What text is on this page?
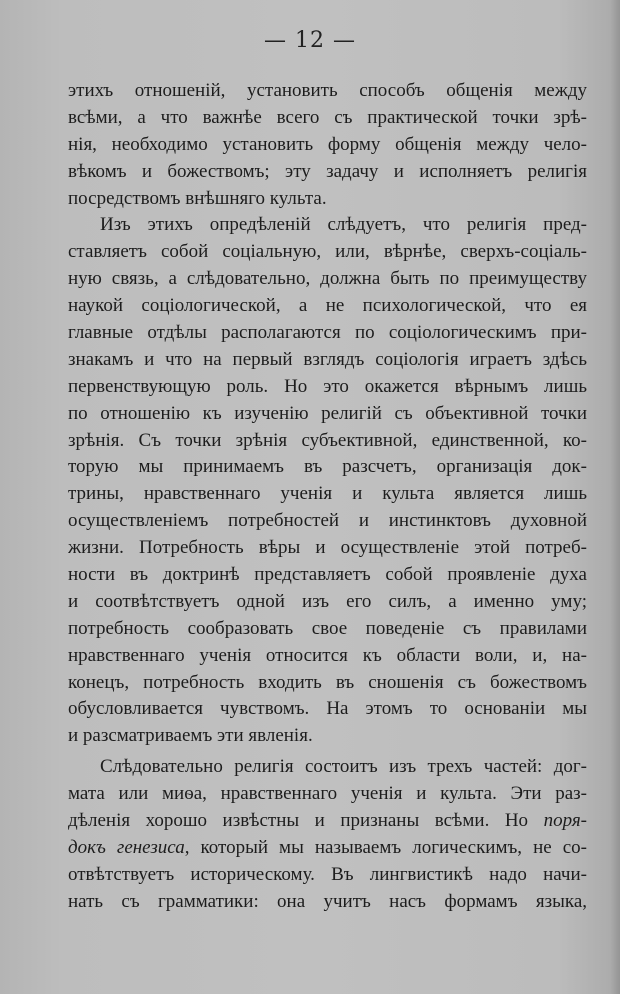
— 12 —
этихъ отношеній, установить способъ общенія между
всѣми, а что важнѣе всего съ практической точки зрѣ-
нія, необходимо установить форму общенія между чело-
вѣкомъ и божествомъ; эту задачу и исполняетъ религія
посредствомъ внѣшняго культа.
Изъ этихъ опредѣленій слѣдуетъ, что религія пред-
ставляетъ собой соціальную, или, вѣрнѣе, сверхъ-соціаль-
ную связь, а слѣдовательно, должна быть по преимуществу
наукой соціологической, а не психологической, что ея
главные отдѣлы располагаются по соціологическимъ при-
знакамъ и что на первый взглядъ соціологія играетъ здѣсь
первенствующую роль. Но это окажется вѣрнымъ лишь
по отношенію къ изученію религій съ объективной точки
зрѣнія. Съ точки зрѣнія субъективной, единственной, ко-
торую мы принимаемъ въ разсчетъ, организація док-
трины, нравственнаго ученія и культа является лишь
осуществленіемъ потребностей и инстинктовъ духовной
жизни. Потребность вѣры и осуществленіе этой потреб-
ности въ доктринѣ представляетъ собой проявленіе духа
и соотвѣтствуетъ одной изъ его силъ, а именно уму;
потребность сообразовать свое поведеніе съ правилами
нравственнаго ученія относится къ области воли, и, на-
конецъ, потребность входить въ сношенія съ божествомъ
обусловливается чувствомъ. На этомъ то основаніи мы
и разсматриваемъ эти явленія.
Слѣдовательно религія состоитъ изъ трехъ частей: дог-
мата или миѳа, нравственнаго ученія и культа. Эти раз-
дѣленія хорошо извѣстны и признаны всѣми. Но поря-
докъ генезиса, который мы называемъ логическимъ, не со-
отвѣтствуетъ историческому. Въ лингвистикѣ надо начи-
нать съ грамматики: она учитъ насъ формамъ языка,
